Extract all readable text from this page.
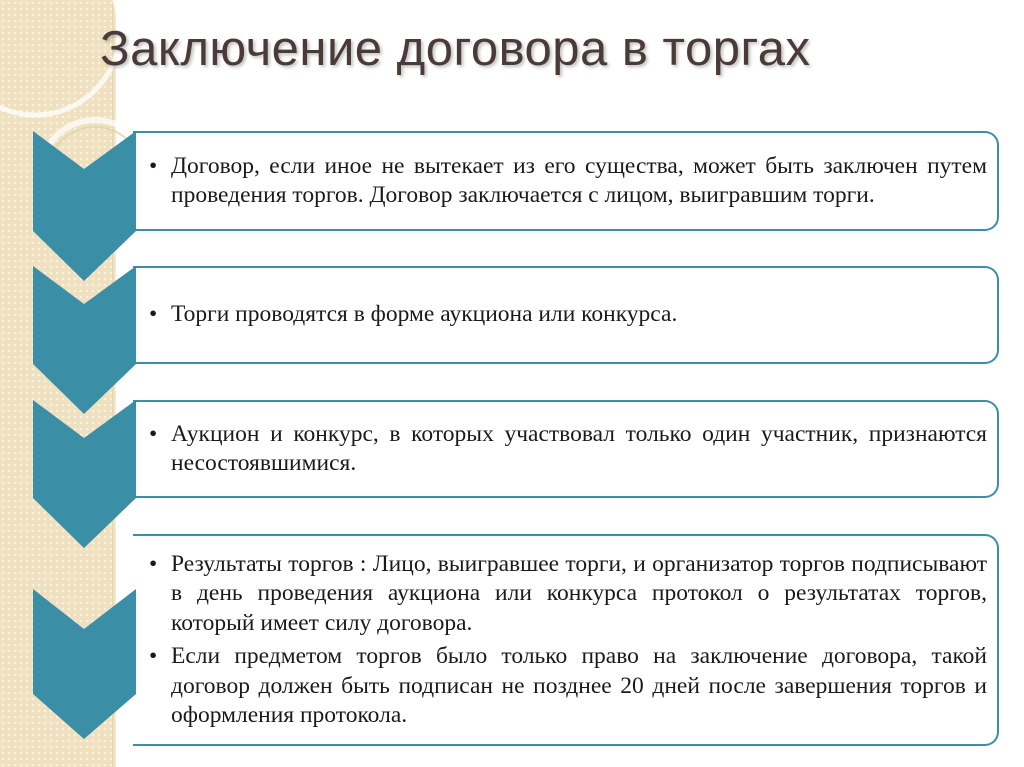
Заключение договора в торгах
• Договор, если иное не вытекает из его существа, может быть заключен путем проведения торгов. Договор заключается с лицом, выигравшим торги.
• Торги проводятся в форме аукциона или конкурса.
• Аукцион и конкурс, в которых участвовал только один участник, признаются несостоявшимися.
• Результаты торгов : Лицо, выигравшее торги, и организатор торгов подписывают в день проведения аукциона или конкурса протокол о результатах торгов, который имеет силу договора.
• Если предметом торгов было только право на заключение договора, такой договор должен быть подписан не позднее 20 дней после завершения торгов и оформления протокола.
